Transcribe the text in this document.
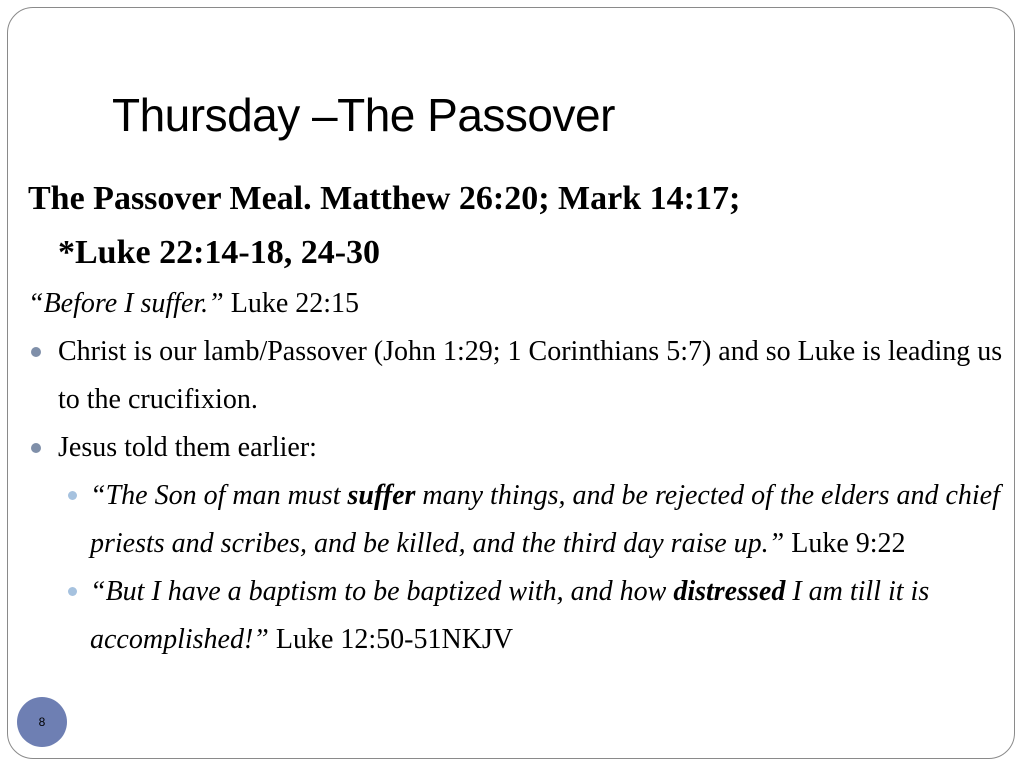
Thursday –The Passover

The Passover Meal. Matthew 26:20; Mark 14:17;
*Luke 22:14-18, 24-30

“Before I suffer.” Luke 22:15

Christ is our lamb/Passover (John 1:29; 1 Corinthians 5:7) and so Luke is leading us to the crucifixion.
Jesus told them earlier:
“The Son of man must suffer many things, and be rejected of the elders and chief priests and scribes, and be killed, and the third day raise up.” Luke 9:22
“But I have a baptism to be baptized with, and how distressed I am till it is accomplished!” Luke 12:50-51NKJV
8
